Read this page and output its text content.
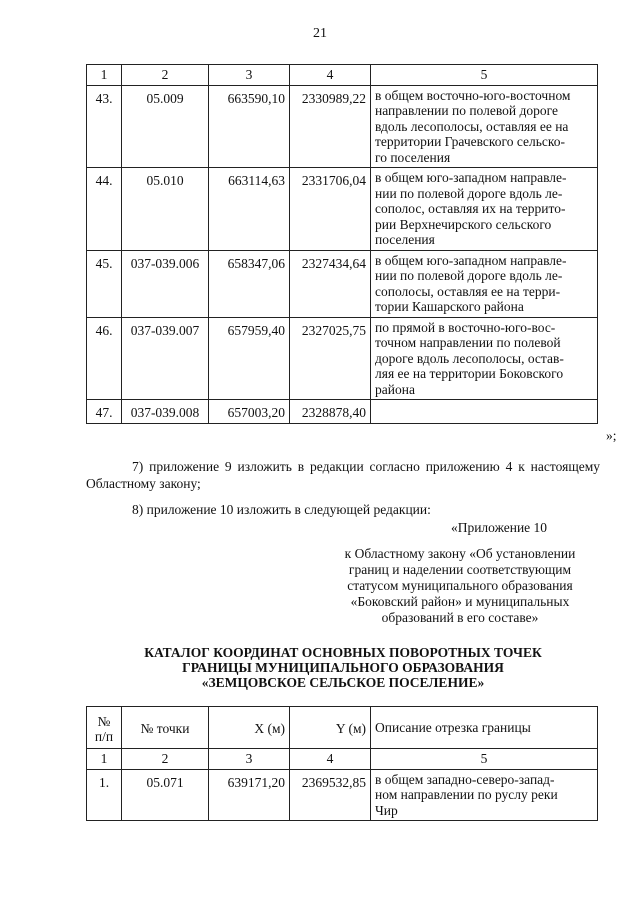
21
1	2	3	4	5
43.	05.009	663590,10	2330989,22	в общем восточно-юго-восточном
направлении по полевой дороге
вдоль лесополосы, оставляя ее на
территории Грачевского сельско-
го поселения

44.	05.010	663114,63	2331706,04	в общем юго-западном направле-
нии по полевой дороге вдоль ле-
сополос, оставляя их на террито-
рии Верхнечирского сельского
поселения

45.	037-039.006	658347,06	2327434,64	в общем юго-западном направле-
нии по полевой дороге вдоль ле-
сополосы, оставляя ее на терри-
тории Кашарского района

46.	037-039.007	657959,40	2327025,75	по прямой в восточно-юго-вос-
точном направлении по полевой
дороге вдоль лесополосы, остав-
ляя ее на территории Боковского
района

47.	037-039.008	657003,20	2328878,40	
»;
7) приложение 9 изложить в редакции согласно приложению 4 к настоящему Областному закону;
8) приложение 10 изложить в следующей редакции:
«Приложение 10
к Областному закону «Об установлении
границ и наделении соответствующим
статусом муниципального образования
«Боковский район» и муниципальных
образований в его составе»
КАТАЛОГ КООРДИНАТ ОСНОВНЫХ ПОВОРОТНЫХ ТОЧЕК
ГРАНИЦЫ МУНИЦИПАЛЬНОГО ОБРАЗОВАНИЯ
«ЗЕМЦОВСКОЕ СЕЛЬСКОЕ ПОСЕЛЕНИЕ»
№
п/п	№ точки	X (м)	Y (м)	Описание отрезка границы
1	2	3	4	5
1.	05.071	639171,20	2369532,85	в общем западно-северо-запад-
ном направлении по руслу реки
Чир
